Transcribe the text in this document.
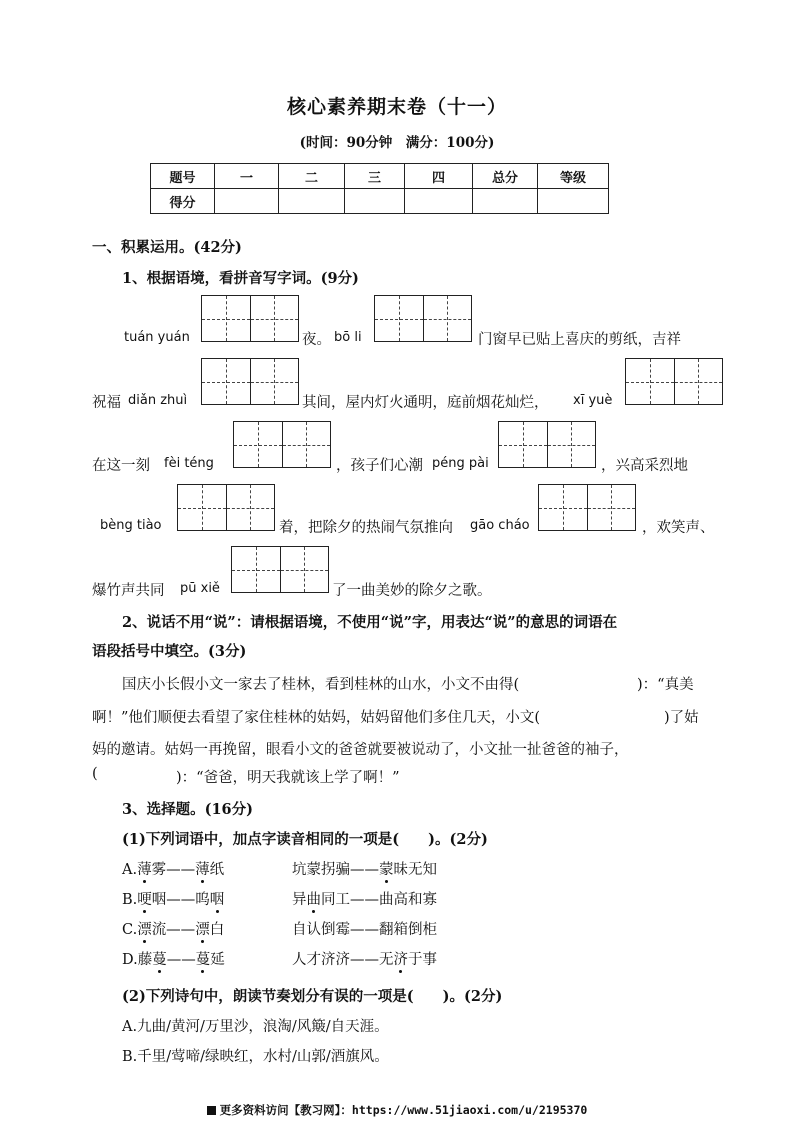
核心素养期末卷（十一）
(时间：90分钟　满分：100分)
题号	一	二	三	四	总分	等级
得分						
一、积累运用。(42分)
1、根据语境，看拼音写字词。(9分)
tuán yuán	夜。 bō li	门窗早已贴上喜庆的剪纸，吉祥
祝福 diǎn zhuì	其间，屋内灯火通明，庭前烟花灿烂， xī yuè
在这一刻 fèi téng	，孩子们心潮 péng pài	，兴高采烈地
bèng tiào	着，把除夕的热闹气氛推向 gāo cháo	，欢笑声、
爆竹声共同 pū xiě	了一曲美妙的除夕之歌。
2、说话不用“说”：请根据语境，不使用“说”字，用表达“说”的意思的词语在
语段括号中填空。(3分)
国庆小长假小文一家去了桂林，看到桂林的山水，小文不由得(	)：“真美
啊！”他们顺便去看望了家住桂林的姑妈，姑妈留他们多住几天，小文(	)了姑
妈的邀请。姑妈一再挽留，眼看小文的爸爸就要被说动了，小文扯一扯爸爸的袖子，
(	)：“爸爸，明天我就该上学了啊！”
3、选择题。(16分)
(1)下列词语中，加点字读音相同的一项是(　　)。(2分)
A.薄雾——薄纸	坑蒙拐骗——蒙昧无知
B.哽咽——呜咽	异曲同工——曲高和寡
C.漂流——漂白	自认倒霉——翻箱倒柜
D.藤蔓——蔓延	人才济济——无济于事
(2)下列诗句中，朗读节奏划分有误的一项是(　　)。(2分)
A.九曲/黄河/万里沙，浪淘/风簸/自天涯。
B.千里/莺啼/绿映红，水村/山郭/酒旗风。
更多资料访问【教习网】：https://www.51jiaoxi.com/u/2195370
